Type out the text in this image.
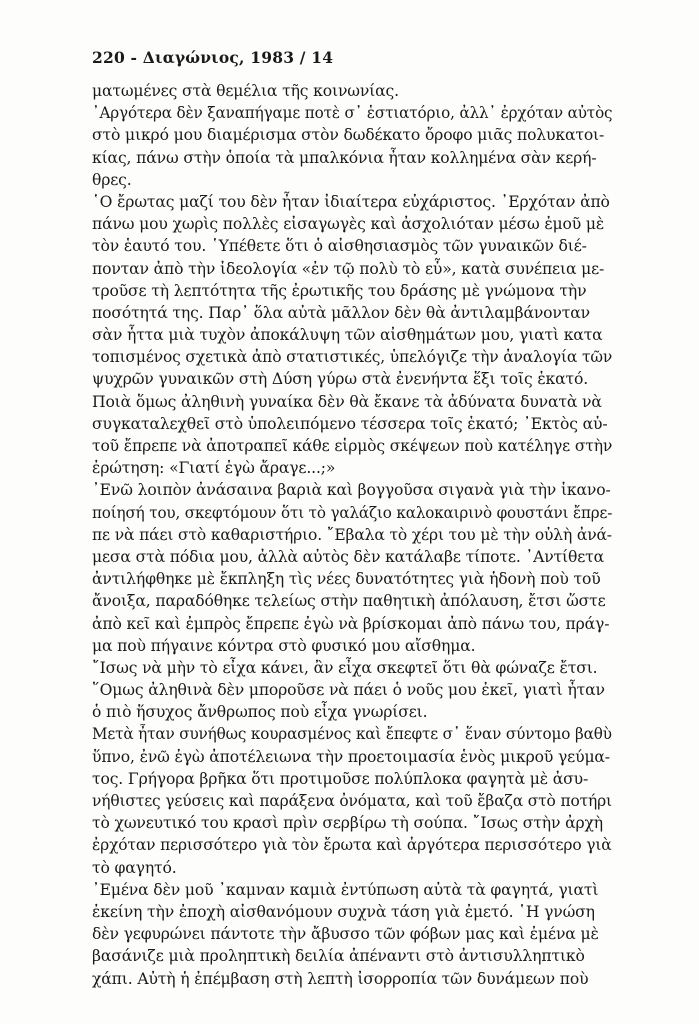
220 - Διαγώνιος, 1983 / 14
ματωμένες στὰ θεμέλια τῆς κοινωνίας.
᾿Αργότερα δὲν ξαναπήγαμε ποτὲ σ᾿ ἑστιατόριο, ἀλλ᾿ ἐρχόταν αὐτὸς
στὸ μικρό μου διαμέρισμα στὸν δωδέκατο ὄροφο μιᾶς πολυκατοι-
κίας, πάνω στὴν ὁποία τὰ μπαλκόνια ἦταν κολλημένα σὰν κερή-
θρες.
῾Ο ἔρωτας μαζί του δὲν ἦταν ἰδιαίτερα εὐχάριστος. ᾿Ερχόταν ἀπὸ
πάνω μου χωρὶς πολλὲς εἰσαγωγὲς καὶ ἀσχολιόταν μέσω ἐμοῦ μὲ
τὸν ἑαυτό του. ῾Υπέθετε ὅτι ὁ αἰσθησιασμὸς τῶν γυναικῶν διέ-
πονταν ἀπὸ τὴν ἰδεολογία «ἐν τῷ πολὺ τὸ εὖ», κατὰ συνέπεια με-
τροῦσε τὴ λεπτότητα τῆς ἐρωτικῆς του δράσης μὲ γνώμονα τὴν
ποσότητά της. Παρ᾿ ὅλα αὐτὰ μᾶλλον δὲν θὰ ἀντιλαμβάνονταν
σὰν ἧττα μιὰ τυχὸν ἀποκάλυψη τῶν αἰσθημάτων μου, γιατὶ κατα
τοπισμένος σχετικὰ ἀπὸ στατιστικές, ὑπελόγιζε τὴν ἀναλογία τῶν
ψυχρῶν γυναικῶν στὴ Δύση γύρω στὰ ἐνενήντα ἕξι τοῖς ἑκατό.
Ποιὰ ὅμως ἀληθινὴ γυναίκα δὲν θὰ ἔκανε τὰ ἀδύνατα δυνατὰ νὰ
συγκαταλεχθεῖ στὸ ὑπολειπόμενο τέσσερα τοῖς ἑκατό; ᾿Εκτὸς αὐ-
τοῦ ἔπρεπε νὰ ἀποτραπεῖ κάθε εἱρμὸς σκέψεων ποὺ κατέληγε στὴν
ἐρώτηση: «Γιατί ἐγὼ ἄραγε...;»
᾿Ενῶ λοιπὸν ἀνάσαινα βαριὰ καὶ βογγοῦσα σιγανὰ γιὰ τὴν ἱκανο-
ποίησή του, σκεφτόμουν ὅτι τὸ γαλάζιο καλοκαιρινὸ φουστάνι ἔπρε-
πε νὰ πάει στὸ καθαριστήριο. ῎Εβαλα τὸ χέρι του μὲ τὴν οὐλὴ ἀνά-
μεσα στὰ πόδια μου, ἀλλὰ αὐτὸς δὲν κατάλαβε τίποτε. ᾿Αντίθετα
ἀντιλήφθηκε μὲ ἔκπληξη τὶς νέες δυνατότητες γιὰ ἡδονὴ ποὺ τοῦ
ἄνοιξα, παραδόθηκε τελείως στὴν παθητικὴ ἀπόλαυση, ἔτσι ὥστε
ἀπὸ κεῖ καὶ ἐμπρὸς ἔπρεπε ἐγὼ νὰ βρίσκομαι ἀπὸ πάνω του, πράγ-
μα ποὺ πήγαινε κόντρα στὸ φυσικό μου αἴσθημα.
῎Ισως νὰ μὴν τὸ εἶχα κάνει, ἂν εἶχα σκεφτεῖ ὅτι θὰ φώναζε ἔτσι.
῞Ομως ἀληθινὰ δὲν μποροῦσε νὰ πάει ὁ νοῦς μου ἐκεῖ, γιατὶ ἦταν
ὁ πιὸ ἥσυχος ἄνθρωπος ποὺ εἶχα γνωρίσει.
Μετὰ ἦταν συνήθως κουρασμένος καὶ ἔπεφτε σ᾿ ἕναν σύντομο βαθὺ
ὕπνο, ἐνῶ ἐγὼ ἀποτέλειωνα τὴν προετοιμασία ἑνὸς μικροῦ γεύμα-
τος. Γρήγορα βρῆκα ὅτι προτιμοῦσε πολύπλοκα φαγητὰ μὲ ἀσυ-
νήθιστες γεύσεις καὶ παράξενα ὀνόματα, καὶ τοῦ ἔβαζα στὸ ποτήρι
τὸ χωνευτικό του κρασὶ πρὶν σερβίρω τὴ σούπα. ῎Ισως στὴν ἀρχὴ
ἐρχόταν περισσότερο γιὰ τὸν ἔρωτα καὶ ἀργότερα περισσότερο γιὰ
τὸ φαγητό.
᾿Εμένα δὲν μοῦ ᾿καμναν καμιὰ ἐντύπωση αὐτὰ τὰ φαγητά, γιατὶ
ἐκείνη τὴν ἐποχὴ αἰσθανόμουν συχνὰ τάση γιὰ ἐμετό. ῾Η γνώση
δὲν γεφυρώνει πάντοτε τὴν ἄβυσσο τῶν φόβων μας καὶ ἐμένα μὲ
βασάνιζε μιὰ προληπτικὴ δειλία ἀπέναντι στὸ ἀντισυλληπτικὸ
χάπι. Αὐτὴ ἡ ἐπέμβαση στὴ λεπτὴ ἰσορροπία τῶν δυνάμεων ποὺ
